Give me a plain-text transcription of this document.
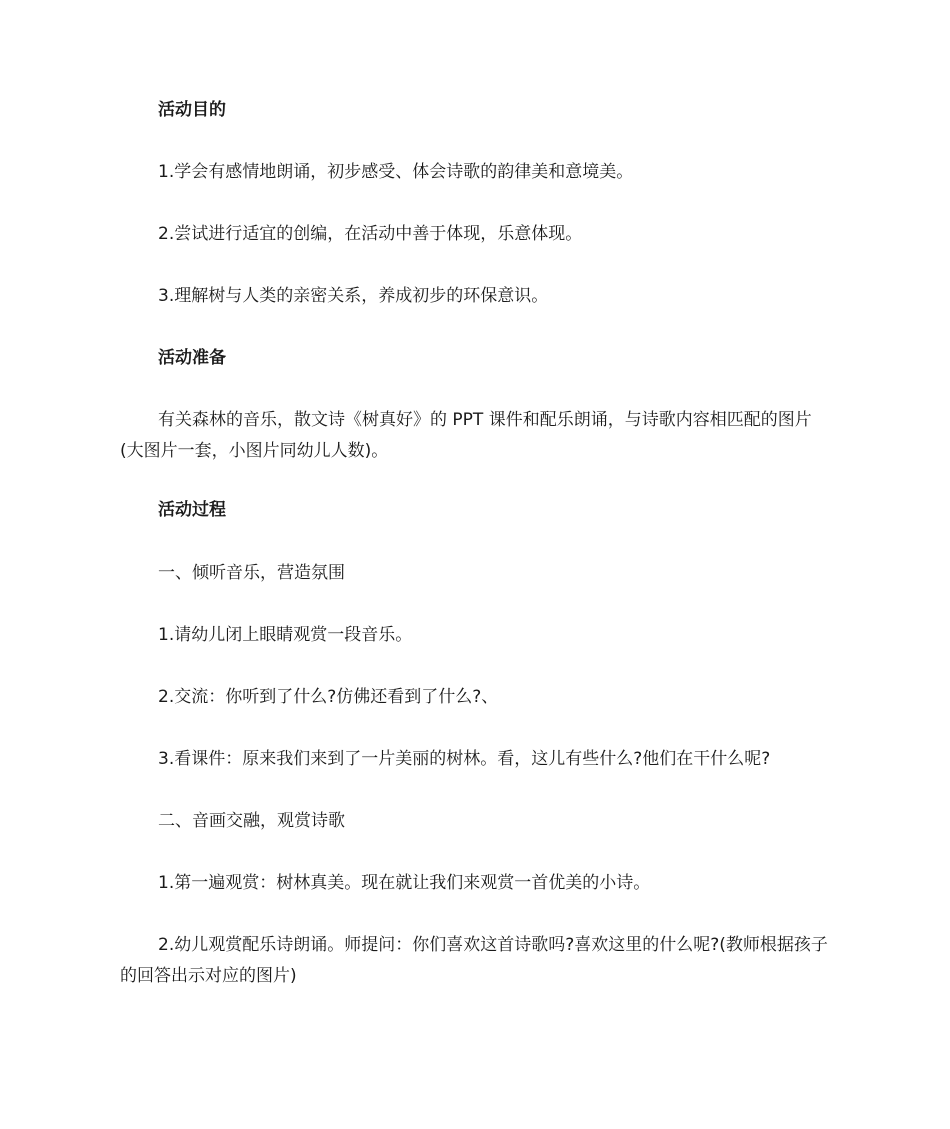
活动目的
1.学会有感情地朗诵，初步感受、体会诗歌的韵律美和意境美。
2.尝试进行适宜的创编，在活动中善于体现，乐意体现。
3.理解树与人类的亲密关系，养成初步的环保意识。
活动准备
有关森林的音乐，散文诗《树真好》的 PPT 课件和配乐朗诵，与诗歌内容相匹配的图片(大图片一套，小图片同幼儿人数)。
活动过程
一、倾听音乐，营造氛围
1.请幼儿闭上眼睛观赏一段音乐。
2.交流：你听到了什么?仿佛还看到了什么?、
3.看课件：原来我们来到了一片美丽的树林。看，这儿有些什么?他们在干什么呢?
二、音画交融，观赏诗歌
1.第一遍观赏：树林真美。现在就让我们来观赏一首优美的小诗。
2.幼儿观赏配乐诗朗诵。师提问：你们喜欢这首诗歌吗?喜欢这里的什么呢?(教师根据孩子的回答出示对应的图片)
